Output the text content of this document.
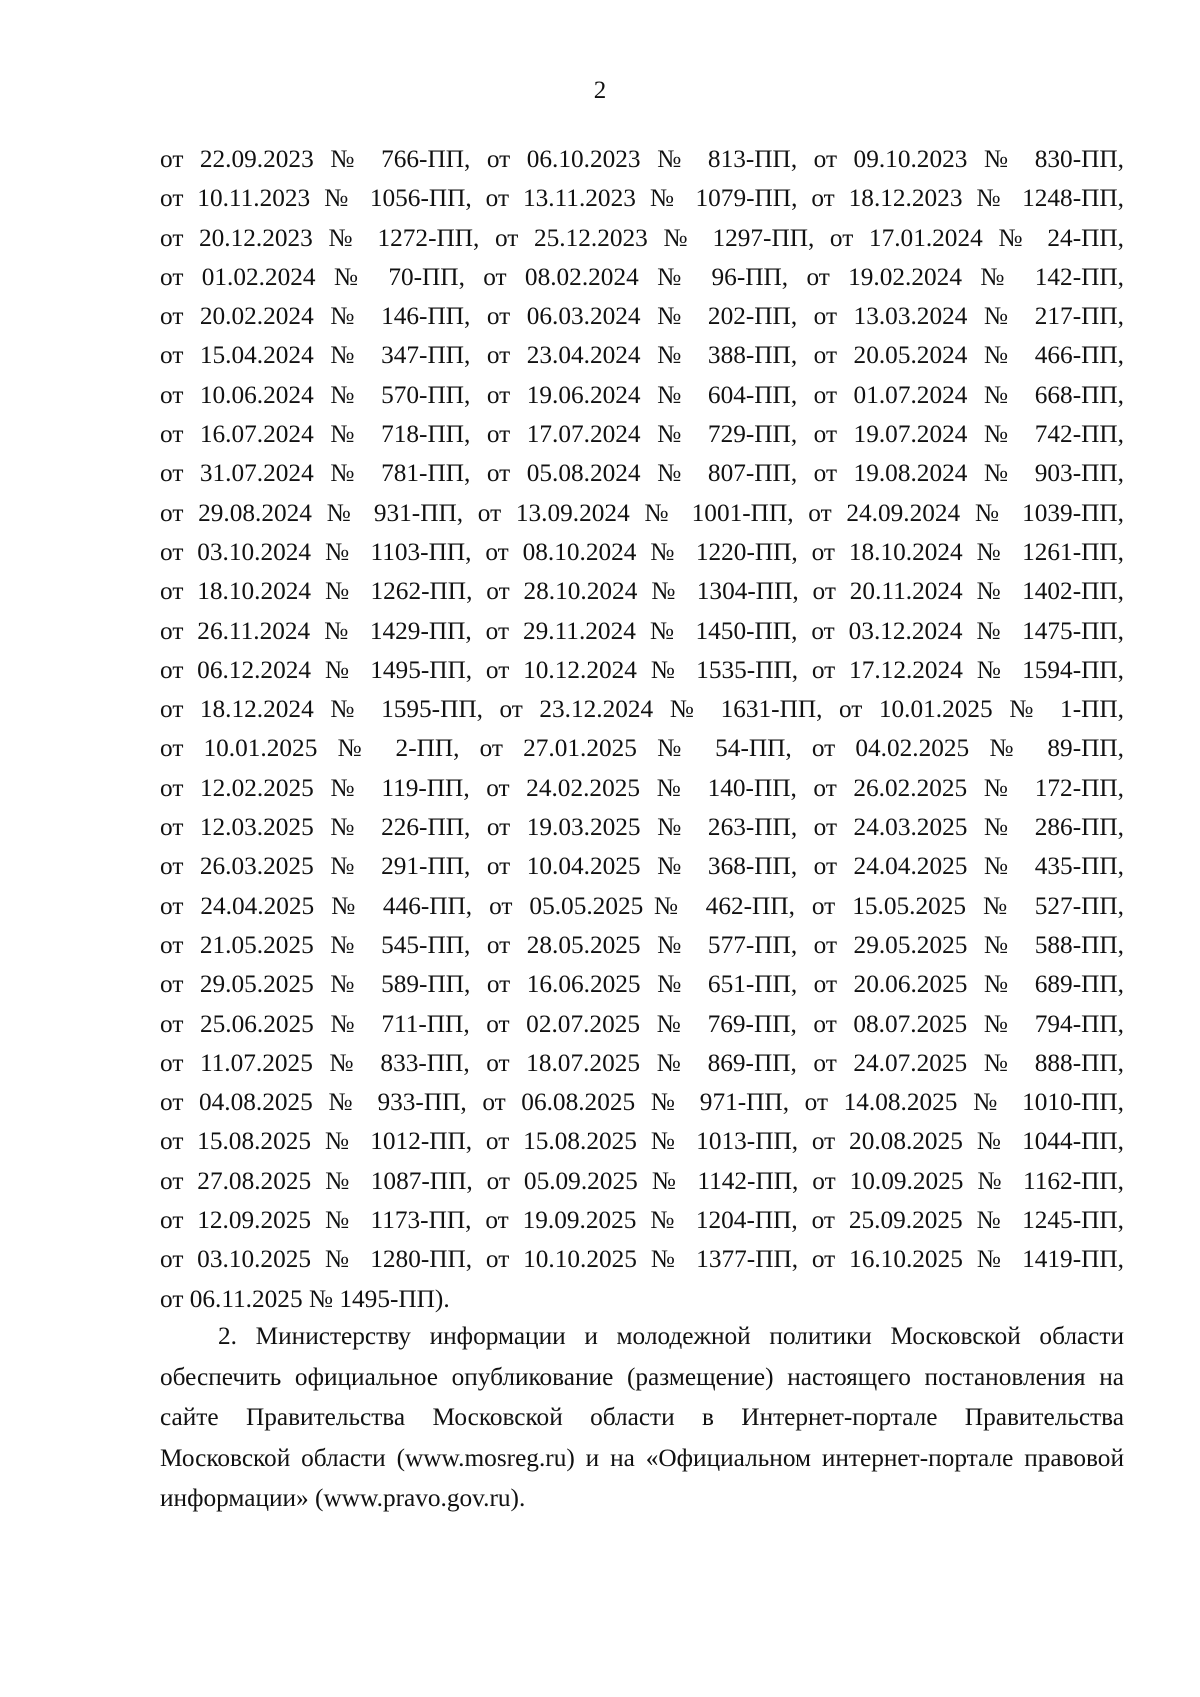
2
от 22.09.2023 № 766-ПП, от 06.10.2023 № 813-ПП, от 09.10.2023 № 830-ПП,
от 10.11.2023 № 1056-ПП, от 13.11.2023 № 1079-ПП, от 18.12.2023 № 1248-ПП,
от 20.12.2023 № 1272-ПП, от 25.12.2023 № 1297-ПП, от 17.01.2024 № 24-ПП,
от 01.02.2024 № 70-ПП, от 08.02.2024 № 96-ПП, от 19.02.2024 № 142-ПП,
от 20.02.2024 № 146-ПП, от 06.03.2024 № 202-ПП, от 13.03.2024 № 217-ПП,
от 15.04.2024 № 347-ПП, от 23.04.2024 № 388-ПП, от 20.05.2024 № 466-ПП,
от 10.06.2024 № 570-ПП, от 19.06.2024 № 604-ПП, от 01.07.2024 № 668-ПП,
от 16.07.2024 № 718-ПП, от 17.07.2024 № 729-ПП, от 19.07.2024 № 742-ПП,
от 31.07.2024 № 781-ПП, от 05.08.2024 № 807-ПП, от 19.08.2024 № 903-ПП,
от 29.08.2024 № 931-ПП, от 13.09.2024 № 1001-ПП, от 24.09.2024 № 1039-ПП,
от 03.10.2024 № 1103-ПП, от 08.10.2024 № 1220-ПП, от 18.10.2024 № 1261-ПП,
от 18.10.2024 № 1262-ПП, от 28.10.2024 № 1304-ПП, от 20.11.2024 № 1402-ПП,
от 26.11.2024 № 1429-ПП, от 29.11.2024 № 1450-ПП, от 03.12.2024 № 1475-ПП,
от 06.12.2024 № 1495-ПП, от 10.12.2024 № 1535-ПП, от 17.12.2024 № 1594-ПП,
от 18.12.2024 № 1595-ПП, от 23.12.2024 № 1631-ПП, от 10.01.2025 № 1-ПП,
от 10.01.2025 № 2-ПП, от 27.01.2025 № 54-ПП, от 04.02.2025 № 89-ПП,
от 12.02.2025 № 119-ПП, от 24.02.2025 № 140-ПП, от 26.02.2025 № 172-ПП,
от 12.03.2025 № 226-ПП, от 19.03.2025 № 263-ПП, от 24.03.2025 № 286-ПП,
от 26.03.2025 № 291-ПП, от 10.04.2025 № 368-ПП, от 24.04.2025 № 435-ПП,
от 24.04.2025 № 446-ПП, от 05.05.2025№ 462-ПП, от 15.05.2025 № 527-ПП,
от 21.05.2025 № 545-ПП, от 28.05.2025 № 577-ПП, от 29.05.2025 № 588-ПП,
от 29.05.2025 № 589-ПП, от 16.06.2025 № 651-ПП, от 20.06.2025 № 689-ПП,
от 25.06.2025 № 711-ПП, от 02.07.2025 № 769-ПП, от 08.07.2025 № 794-ПП,
от 11.07.2025 № 833-ПП, от 18.07.2025 № 869-ПП, от 24.07.2025 № 888-ПП,
от 04.08.2025 № 933-ПП, от 06.08.2025 № 971-ПП, от 14.08.2025 № 1010-ПП,
от 15.08.2025 № 1012-ПП, от 15.08.2025 № 1013-ПП, от 20.08.2025 № 1044-ПП,
от 27.08.2025 № 1087-ПП, от 05.09.2025 № 1142-ПП, от 10.09.2025 № 1162-ПП,
от 12.09.2025 № 1173-ПП, от 19.09.2025 № 1204-ПП, от 25.09.2025 № 1245-ПП,
от 03.10.2025 № 1280-ПП, от 10.10.2025 № 1377-ПП, от 16.10.2025 № 1419-ПП,
от 06.11.2025 № 1495-ПП).

2. Министерству информации и молодежной политики Московской области обеспечить официальное опубликование (размещение) настоящего постановления на сайте Правительства Московской области в Интернет-портале Правительства Московской области (www.mosreg.ru) и на «Официальном интернет-портале правовой информации» (www.pravo.gov.ru).
